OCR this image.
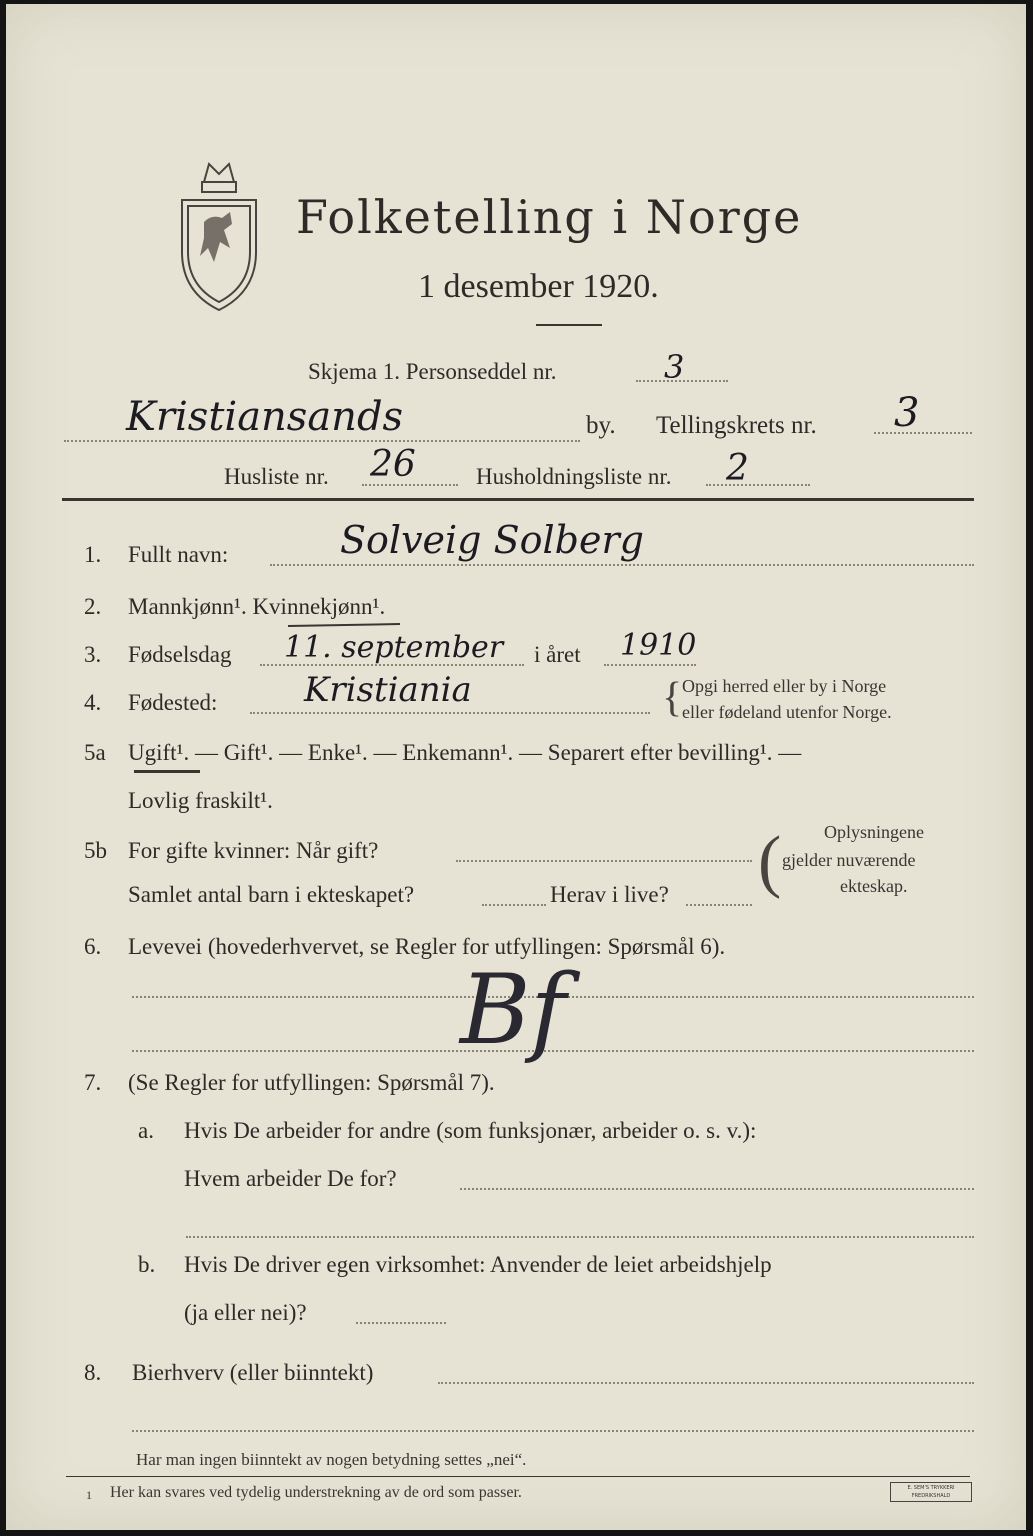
Folketelling i Norge
1 desember 1920.
Skjema 1. Personseddel nr.	3
Kristiansands	by. Tellingskrets nr. 3
Husliste nr. 26	Husholdningsliste nr. 2
1. Fullt navn:	Solveig Solberg
2. Mannkjønn¹. Kvinnekjønn¹.
3. Fødselsdag 11. september i året 1910
4. Fødested:	Kristiania	{ Opgi herred eller by i Norge
eller fødeland utenfor Norge.
5a Ugift¹. — Gift¹. — Enke¹. — Enkemann¹. — Separert efter bevilling¹. —
Lovlig fraskilt¹.
5b For gifte kvinner: Når gift?
Samlet antal barn i ekteskapet?	Herav i live? ( Oplysningene
gjelder nuværende
ekteskap.
6. Levevei (hovederhvervet, se Regler for utfyllingen: Spørsmål 6).
Bf
7. (Se Regler for utfyllingen: Spørsmål 7).
a. Hvis De arbeider for andre (som funksjonær, arbeider o. s. v.):
Hvem arbeider De for?
b. Hvis De driver egen virksomhet: Anvender de leiet arbeidshjelp
(ja eller nei)?
8. Bierhverv (eller biinntekt)
Har man ingen biinntekt av nogen betydning settes „nei“.
1 Her kan svares ved tydelig understrekning av de ord som passer.	E. SEM'S TRYKKERI FREDRIKSHALD
